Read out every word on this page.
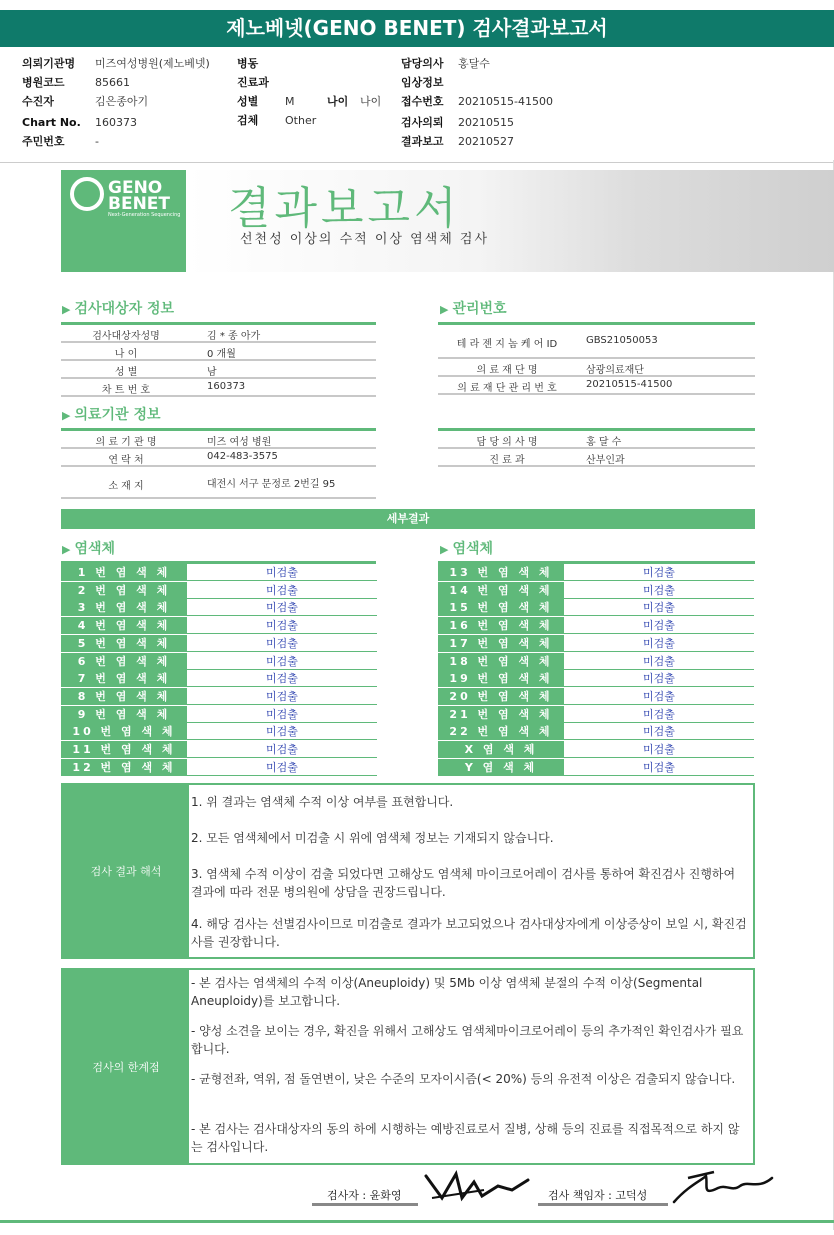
제노베넷(GENO BENET) 검사결과보고서
의뢰기관명 미즈여성병원(제노베넷)
병원코드	85661
수진자	김은종아기
Chart No. 160373
주민번호	-
병동
진료과
성별 M	나이 나이
검체 Other
담당의사 홍달수
임상정보
접수번호 20210515-41500
검사의뢰 20210515
결과보고 20210527
GENO
BENET
Next-Generation Sequencing 결과보고서
선천성 이상의 수적 이상 염색체 검사
▶ 검사대상자 정보
검사대상자성명	김 * 종 아가
나 이	0 개월
성 별	남
차 트 번 호	160373
▶ 관리번호
테 라 젠 지 놈 케 어 ID	GBS21050053
의 료 재 단 명	삼광의료재단
의 료 재 단 관 리 번 호	20210515-41500
▶ 의료기관 정보
의 료 기 관 명	미즈 여성 병원
연 락 처	042-483-3575
소 재 지	대전시 서구 문정로 2번길 95
담 당 의 사 명	홍 달 수
진 료 과	산부인과
세부결과
▶ 염색체	▶ 염색체
1 번 염 색 체	미검출
2 번 염 색 체	미검출
3 번 염 색 체	미검출
4 번 염 색 체	미검출
5 번 염 색 체	미검출
6 번 염 색 체	미검출
7 번 염 색 체	미검출
8 번 염 색 체	미검출
9 번 염 색 체	미검출
10 번 염 색 체	미검출
11 번 염 색 체	미검출
12 번 염 색 체	미검출
13 번 염 색 체	미검출
14 번 염 색 체	미검출
15 번 염 색 체	미검출
16 번 염 색 체	미검출
17 번 염 색 체	미검출
18 번 염 색 체	미검출
19 번 염 색 체	미검출
20 번 염 색 체	미검출
21 번 염 색 체	미검출
22 번 염 색 체	미검출
X 염 색 체	미검출
Y 염 색 체	미검출
검사 결과 해석

1. 위 결과는 염색체 수적 이상 여부를 표현합니다.

2. 모든 염색체에서 미검출 시 위에 염색체 정보는 기재되지 않습니다.

3. 염색체 수적 이상이 검출 되었다면 고해상도 염색체 마이크로어레이 검사를 통하여 확진검사 진행하여 결과에 따라 전문 병의원에 상담을 권장드립니다.

4. 해당 검사는 선별검사이므로 미검출로 결과가 보고되었으나 검사대상자에게 이상증상이 보일 시, 확진검사를 권장합니다.

검사의 한계점

- 본 검사는 염색체의 수적 이상(Aneuploidy) 및 5Mb 이상 염색체 분절의 수적 이상(Segmental Aneuploidy)를 보고합니다.

- 양성 소견을 보이는 경우, 확진을 위해서 고해상도 염색체마이크로어레이 등의 추가적인 확인검사가 필요합니다.

- 균형전좌, 역위, 점 돌연변이, 낮은 수준의 모자이시즘(< 20%) 등의 유전적 이상은 검출되지 않습니다.

- 본 검사는 검사대상자의 동의 하에 시행하는 예방진료로서 질병, 상해 등의 진료를 직접목적으로 하지 않는 검사입니다.

검사자 : 윤화영	검사 책임자 : 고덕성
